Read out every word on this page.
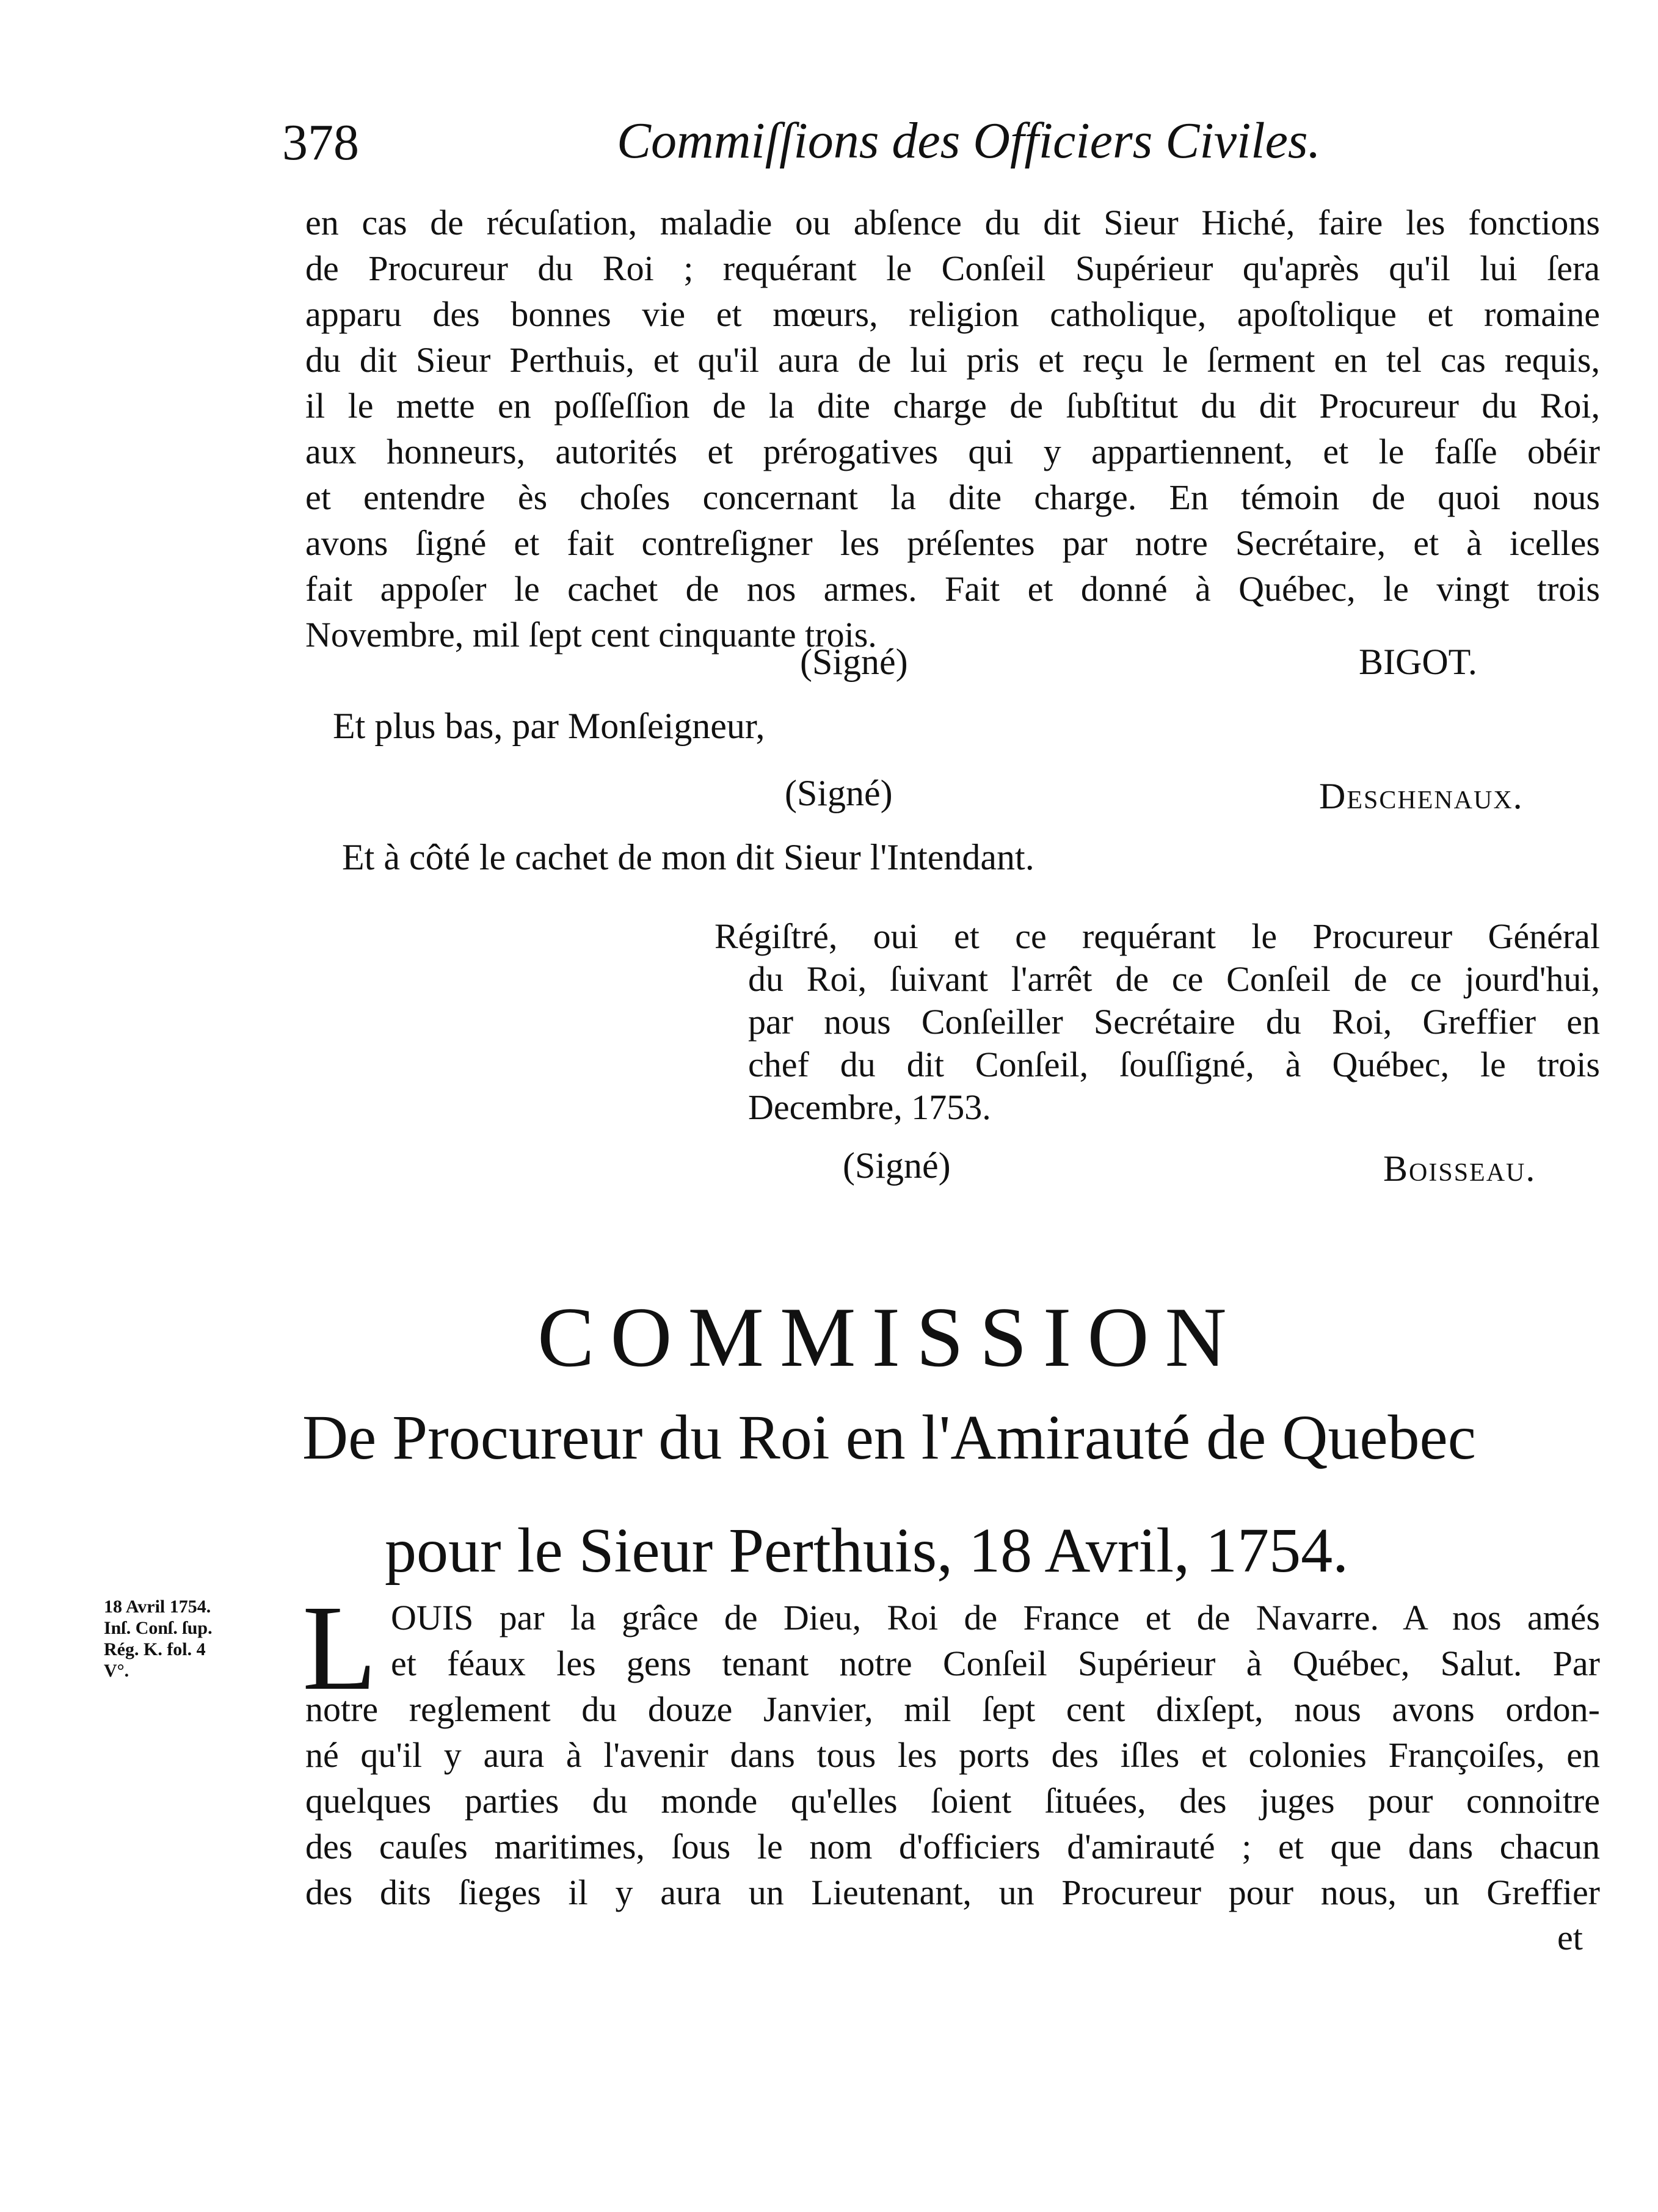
378	Commiſſions des Officiers Civiles.
en cas de récuſation, maladie ou abſence du dit Sieur Hiché, faire les fonctions
de Procureur du Roi ; requérant le Conſeil Supérieur qu'après qu'il lui ſera
apparu des bonnes vie et mœurs, religion catholique, apoſtolique et romaine
du dit Sieur Perthuis, et qu'il aura de lui pris et reçu le ſerment en tel cas requis,
il le mette en poſſeſſion de la dite charge de ſubſtitut du dit Procureur du Roi,
aux honneurs, autorités et prérogatives qui y appartiennent, et le faſſe obéir
et entendre ès choſes concernant la dite charge. En témoin de quoi nous
avons ſigné et fait contreſigner les préſentes par notre Secrétaire, et à icelles
fait appoſer le cachet de nos armes. Fait et donné à Québec, le vingt trois
Novembre, mil ſept cent cinquante trois.
(Signé)	BIGOT.
Et plus bas, par Monſeigneur,
(Signé)	Deschenaux.
Et à côté le cachet de mon dit Sieur l'Intendant.
Régiſtré, oui et ce requérant le Procureur Général
du Roi, ſuivant l'arrêt de ce Conſeil de ce jourd'hui,
par nous Conſeiller Secrétaire du Roi, Greffier en
chef du dit Conſeil, ſouſſigné, à Québec, le trois
Decembre, 1753.
(Signé)	Boisseau.
COMMISSION
De Procureur du Roi en l'Amirauté de Quebec
pour le Sieur Perthuis, 18 Avril, 1754.
18 Avril 1754.
Inſ. Conſ. ſup.
Rég. K. fol. 4
V°. L OUIS par la grâce de Dieu, Roi de France et de Navarre. A nos amés
et féaux les gens tenant notre Conſeil Supérieur à Québec, Salut. Par
notre reglement du douze Janvier, mil ſept cent dixſept, nous avons ordon-
né qu'il y aura à l'avenir dans tous les ports des iſles et colonies Françoiſes, en
quelques parties du monde qu'elles ſoient ſituées, des juges pour connoitre
des cauſes maritimes, ſous le nom d'officiers d'amirauté ; et que dans chacun
des dits ſieges il y aura un Lieutenant, un Procureur pour nous, un Greffier
et
